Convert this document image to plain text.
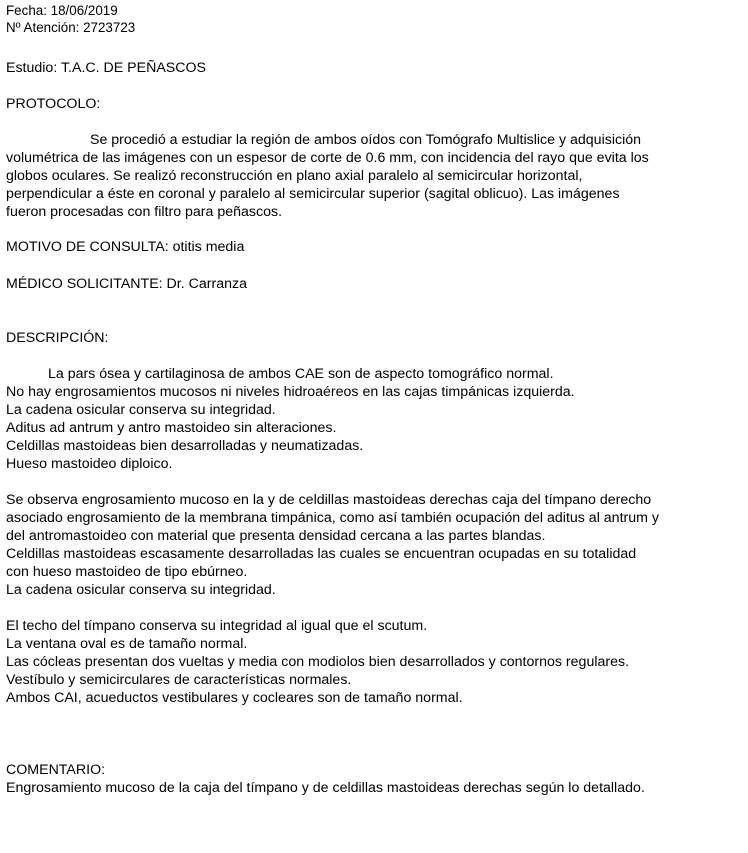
Fecha: 18/06/2019
Nº Atención: 2723723
Estudio: T.A.C. DE PEÑASCOS
PROTOCOLO:
Se procedió a estudiar la región de ambos oídos con Tomógrafo Multislice y adquisición
volumétrica de las imágenes con un espesor de corte de 0.6 mm, con incidencia del rayo que evita los
globos oculares. Se realizó reconstrucción en plano axial paralelo al semicircular horizontal,
perpendicular a éste en coronal y paralelo al semicircular superior (sagital oblicuo). Las imágenes
fueron procesadas con filtro para peñascos.
MOTIVO DE CONSULTA: otitis media
MÉDICO SOLICITANTE: Dr. Carranza
DESCRIPCIÓN:
La pars ósea y cartilaginosa de ambos CAE son de aspecto tomográfico normal.
No hay engrosamientos mucosos ni niveles hidroaéreos en las cajas timpánicas izquierda.
La cadena osicular conserva su integridad.
Aditus ad antrum y antro mastoideo sin alteraciones.
Celdillas mastoideas bien desarrolladas y neumatizadas.
Hueso mastoideo diploico.
Se observa engrosamiento mucoso en la y de celdillas mastoideas derechas caja del tímpano derecho
asociado engrosamiento de la membrana timpánica, como así también ocupación del aditus al antrum y
del antromastoideo con material que presenta densidad cercana a las partes blandas.
Celdillas mastoideas escasamente desarrolladas las cuales se encuentran ocupadas en su totalidad
con hueso mastoideo de tipo ebúrneo.
La cadena osicular conserva su integridad.
El techo del tímpano conserva su integridad al igual que el scutum.
La ventana oval es de tamaño normal.
Las cócleas presentan dos vueltas y media con modiolos bien desarrollados y contornos regulares.
Vestíbulo y semicirculares de características normales.
Ambos CAI, acueductos vestibulares y cocleares son de tamaño normal.
COMENTARIO:
Engrosamiento mucoso de la caja del tímpano y de celdillas mastoideas derechas según lo detallado.
